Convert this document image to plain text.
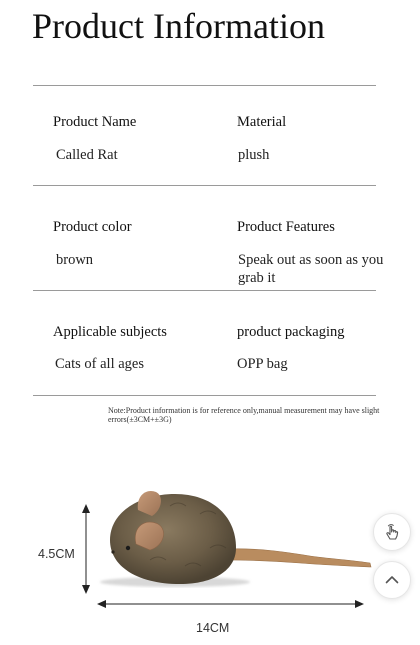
Product Information
Product Name	Material
Called Rat	plush
Product color	Product Features
brown	Speak out as soon as you grab it
Applicable subjects	product packaging
Cats of all ages	OPP bag
Note:Product information is for reference only,manual measurement may have slight errors(±3CM+±3G)
4.5CM
14CM
